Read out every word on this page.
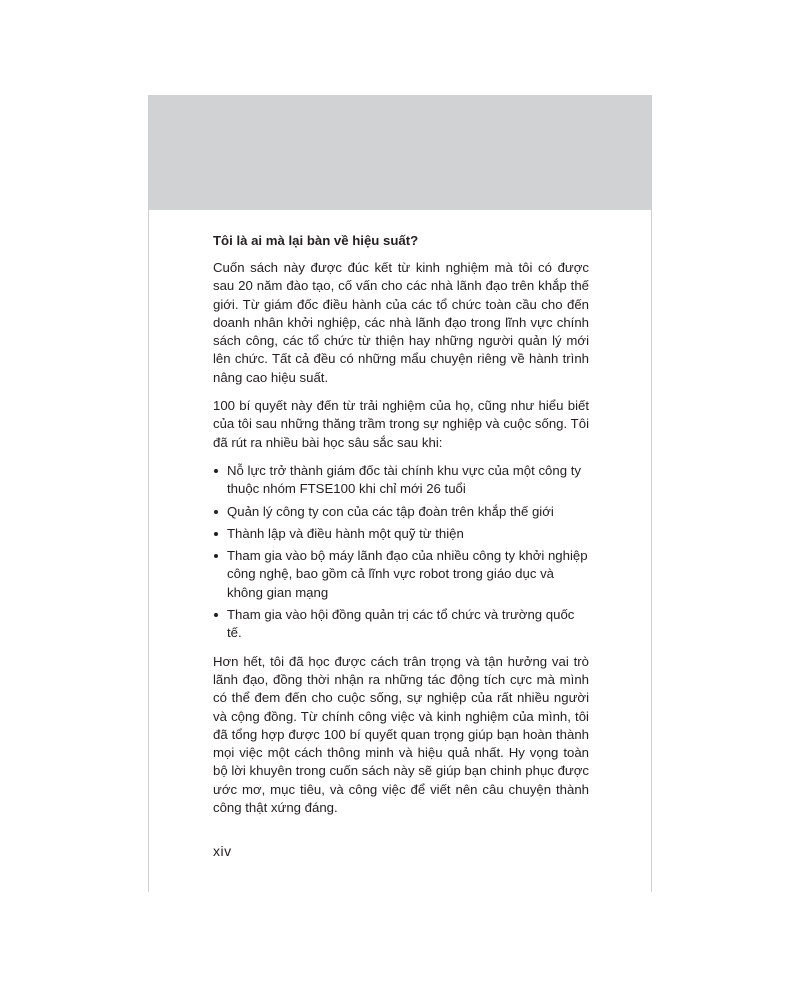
Tôi là ai mà lại bàn về hiệu suất?

Cuốn sách này được đúc kết từ kinh nghiệm mà tôi có được sau 20 năm đào tạo, cố vấn cho các nhà lãnh đạo trên khắp thế giới. Từ giám đốc điều hành của các tổ chức toàn cầu cho đến doanh nhân khởi nghiệp, các nhà lãnh đạo trong lĩnh vực chính sách công, các tổ chức từ thiện hay những người quản lý mới lên chức. Tất cả đều có những mẩu chuyện riêng về hành trình nâng cao hiệu suất.

100 bí quyết này đến từ trải nghiệm của họ, cũng như hiểu biết của tôi sau những thăng trầm trong sự nghiệp và cuộc sống. Tôi đã rút ra nhiều bài học sâu sắc sau khi:

Nỗ lực trở thành giám đốc tài chính khu vực của một công ty thuộc nhóm FTSE100 khi chỉ mới 26 tuổi
Quản lý công ty con của các tập đoàn trên khắp thế giới
Thành lập và điều hành một quỹ từ thiện
Tham gia vào bộ máy lãnh đạo của nhiều công ty khởi nghiệp công nghệ, bao gồm cả lĩnh vực robot trong giáo dục và không gian mạng
Tham gia vào hội đồng quản trị các tổ chức và trường quốc tế.

Hơn hết, tôi đã học được cách trân trọng và tận hưởng vai trò lãnh đạo, đồng thời nhận ra những tác động tích cực mà mình có thể đem đến cho cuộc sống, sự nghiệp của rất nhiều người và cộng đồng. Từ chính công việc và kinh nghiệm của mình, tôi đã tổng hợp được 100 bí quyết quan trọng giúp bạn hoàn thành mọi việc một cách thông minh và hiệu quả nhất. Hy vọng toàn bộ lời khuyên trong cuốn sách này sẽ giúp bạn chinh phục được ước mơ, mục tiêu, và công việc để viết nên câu chuyện thành công thật xứng đáng.

xiv
